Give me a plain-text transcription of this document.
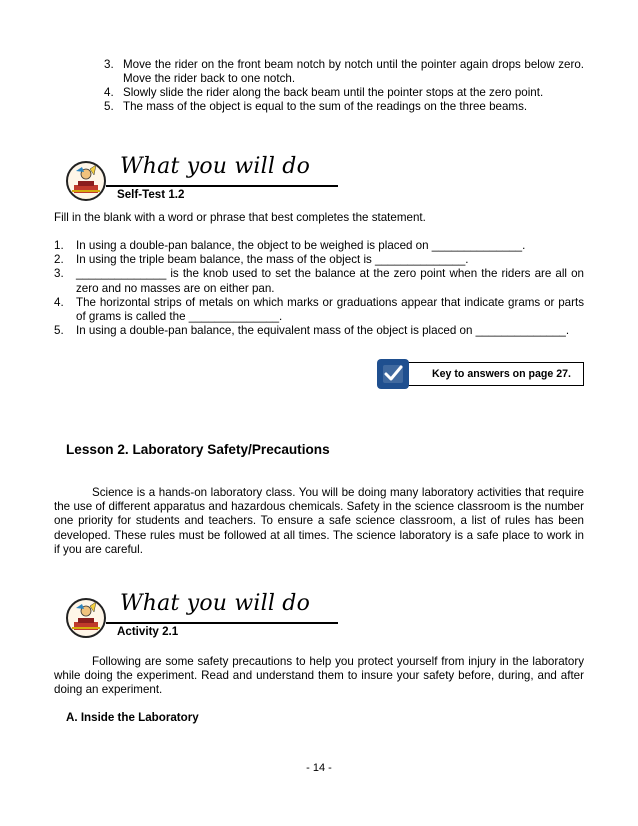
3. Move the rider on the front beam notch by notch until the pointer again drops below zero. Move the rider back to one notch.
4. Slowly slide the rider along the back beam until the pointer stops at the zero point.
5. The mass of the object is equal to the sum of the readings on the three beams.
What you will do
Self-Test 1.2

Fill in the blank with a word or phrase that best completes the statement.

1.	In using a double-pan balance, the object to be weighed is placed on ______________.
2.	In using the triple beam balance, the mass of the object is ______________.
3.	______________ is the knob used to set the balance at the zero point when the riders are all on zero and no masses are on either pan.
4.	The horizontal strips of metals on which marks or graduations appear that indicate grams or parts of grams is called the ______________.
5.	In using a double-pan balance, the equivalent mass of the object is placed on ______________.
Key to answers on page 27.
Lesson 2. Laboratory Safety/Precautions

Science is a hands-on laboratory class. You will be doing many laboratory activities that require the use of different apparatus and hazardous chemicals. Safety in the science classroom is the number one priority for students and teachers. To ensure a safe science classroom, a list of rules has been developed. These rules must be followed at all times. The science laboratory is a safe place to work in if you are careful.

What you will do
Activity 2.1

Following are some safety precautions to help you protect yourself from injury in the laboratory while doing the experiment. Read and understand them to insure your safety before, during, and after doing an experiment.

A. Inside the Laboratory
- 14 -
